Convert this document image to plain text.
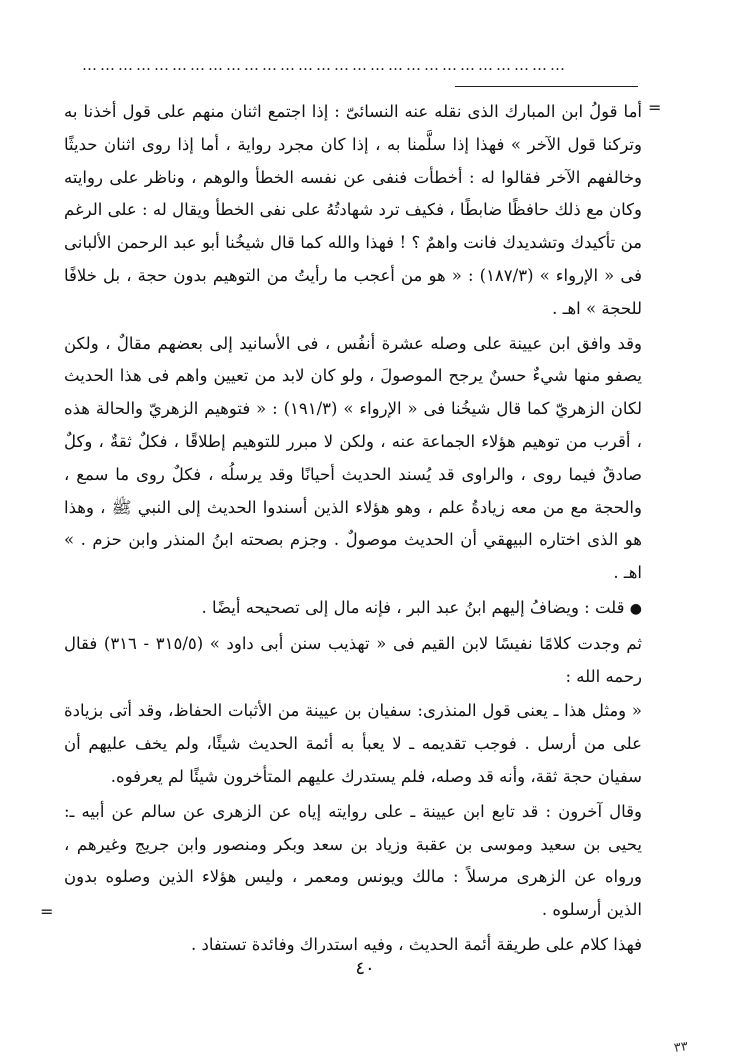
………………………………………………………………………
=
=

أما قولُ ابن المبارك الذى نقله عنه النسائىّ : إذا اجتمع اثنان منهم على قول أخذنا به وتركنا قول الآخر » فهذا إذا سلَّمنا به ، إذا كان مجرد رواية ، أما إذا روى اثنان حديثًا وخالفهم الآخر فقالوا له : أخطأت فنفى عن نفسه الخطأ والوهم ، وناظر على روايته وكان مع ذلك حافظًا ضابطًا ، فكيف ترد شهادتُهُ على نفى الخطأ ويقال له : على الرغم من تأكيدك وتشديدك فانت واهمٌ ؟ ! فهذا والله كما قال شيخُنا أبو عبد الرحمن الألبانى فى « الإرواء » (١٨٧/٣) : « هو من أعجب ما رأيتُ من التوهيم بدون حجة ، بل خلافًا للحجة » اهـ .

وقد وافق ابن عيينة على وصله عشرة أنفُس ، فى الأسانيد إلى بعضهم مقالٌ ، ولكن يصفو منها شيءٌ حسنٌ يرجح الموصولَ ، ولو كان لابد من تعيين واهم فى هذا الحديث لكان الزهريّ كما قال شيخُنا فى « الإرواء » (١٩١/٣) : « فتوهيم الزهريّ والحالة هذه ، أقرب من توهيم هؤلاء الجماعة عنه ، ولكن لا مبرر للتوهيم إطلاقًا ، فكلٌ ثقةٌ ، وكلٌ صادقٌ فيما روى ، والراوى قد يُسند الحديث أحيانًا وقد يرسلُه ، فكلٌ روى ما سمع ، والحجة مع من معه زيادةُ علم ، وهو هؤلاء الذين أسندوا الحديث إلى النبي ﷺ ، وهذا هو الذى اختاره البيهقي أن الحديث موصولٌ . وجزم بصحته ابنُ المنذر وابن حزم . » اهـ .

● قلت : ويضافُ إليهم ابنُ عبد البر ، فإنه مال إلى تصحيحه أيضًا .

ثم وجدت كلامًا نفيسًا لابن القيم فى « تهذيب سنن أبى داود » (٣١٥/٥ - ٣١٦) فقال رحمه الله :

« ومثل هذا ـ يعنى قول المنذرى: سفيان بن عيينة من الأثبات الحفاظ، وقد أتى بزيادة على من أرسل . فوجب تقديمه ـ لا يعبأ به أئمة الحديث شيئًا، ولم يخف عليهم أن سفيان حجة ثقة، وأنه قد وصله، فلم يستدرك عليهم المتأخرون شيئًا لم يعرفوه.

وقال آخرون : قد تابع ابن عيينة ـ على روايته إياه عن الزهرى عن سالم عن أبيه ـ: يحيى بن سعيد وموسى بن عقبة وزياد بن سعد وبكر ومنصور وابن جريج وغيرهم ، ورواه عن الزهرى مرسلاً : مالك ويونس ومعمر ، وليس هؤلاء الذين وصلوه بدون الذين أرسلوه .

فهذا كلام على طريقة أئمة الحديث ، وفيه استدراك وفائدة تستفاد .

٤٠
٣٣
